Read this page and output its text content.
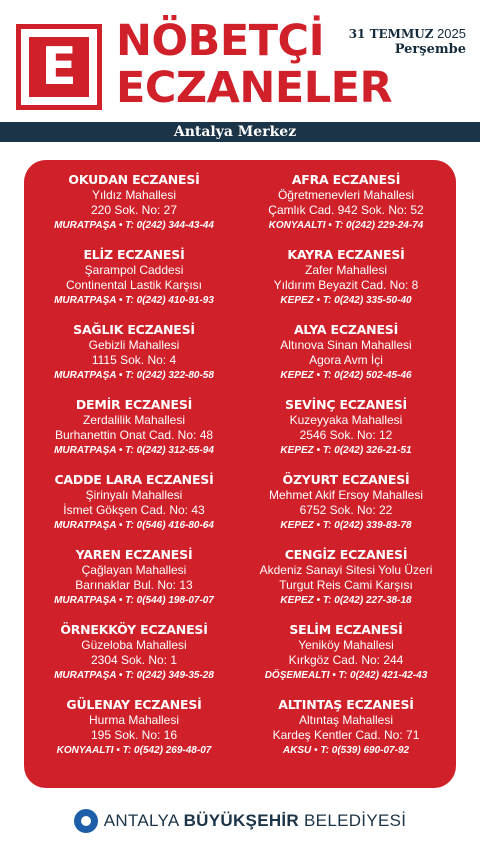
E NÖBETÇİ
ECZANELER
31 TEMMUZ 2025
Perşembe
Antalya Merkez
OKUDAN ECZANESİ
Yıldız Mahallesi
220 Sok. No: 27
MURATPAŞA • T: 0(242) 344-43-44
ELİZ ECZANESİ
Şarampol Caddesi
Continental Lastik Karşısı
MURATPAŞA • T: 0(242) 410-91-93
SAĞLIK ECZANESİ
Gebizli Mahallesi
1115 Sok. No: 4
MURATPAŞA • T: 0(242) 322-80-58
DEMİR ECZANESİ
Zerdalilik Mahallesi
Burhanettin Onat Cad. No: 48
MURATPAŞA • T: 0(242) 312-55-94
CADDE LARA ECZANESİ
Şirinyalı Mahallesi
İsmet Gökşen Cad. No: 43
MURATPAŞA • T: 0(546) 416-80-64
YAREN ECZANESİ
Çağlayan Mahallesi
Barınaklar Bul. No: 13
MURATPAŞA • T: 0(544) 198-07-07
ÖRNEKKÖY ECZANESİ
Güzeloba Mahallesi
2304 Sok. No: 1
MURATPAŞA • T: 0(242) 349-35-28
GÜLENAY ECZANESİ
Hurma Mahallesi
195 Sok. No: 16
KONYAALTI • T: 0(542) 269-48-07
AFRA ECZANESİ
Öğretmenevleri Mahallesi
Çamlık Cad. 942 Sok. No: 52
KONYAALTI • T: 0(242) 229-24-74
KAYRA ECZANESİ
Zafer Mahallesi
Yıldırım Beyazit Cad. No: 8
KEPEZ • T: 0(242) 335-50-40
ALYA ECZANESİ
Altınova Sinan Mahallesi
Agora Avm İçi
KEPEZ • T: 0(242) 502-45-46
SEVİNÇ ECZANESİ
Kuzeyyaka Mahallesi
2546 Sok. No: 12
KEPEZ • T: 0(242) 326-21-51
ÖZYURT ECZANESİ
Mehmet Akif Ersoy Mahallesi
6752 Sok. No: 22
KEPEZ • T: 0(242) 339-83-78
CENGİZ ECZANESİ
Akdeniz Sanayi Sitesi Yolu Üzeri
Turgut Reis Cami Karşısı
KEPEZ • T: 0(242) 227-38-18
SELİM ECZANESİ
Yeniköy Mahallesi
Kırkgöz Cad. No: 244
DÖŞEMEALTI • T: 0(242) 421-42-43
ALTINTAŞ ECZANESİ
Altıntaş Mahallesi
Kardeş Kentler Cad. No: 71
AKSU • T: 0(539) 690-07-92
ANTALYA BÜYÜKŞEHİR BELEDİYESİ
